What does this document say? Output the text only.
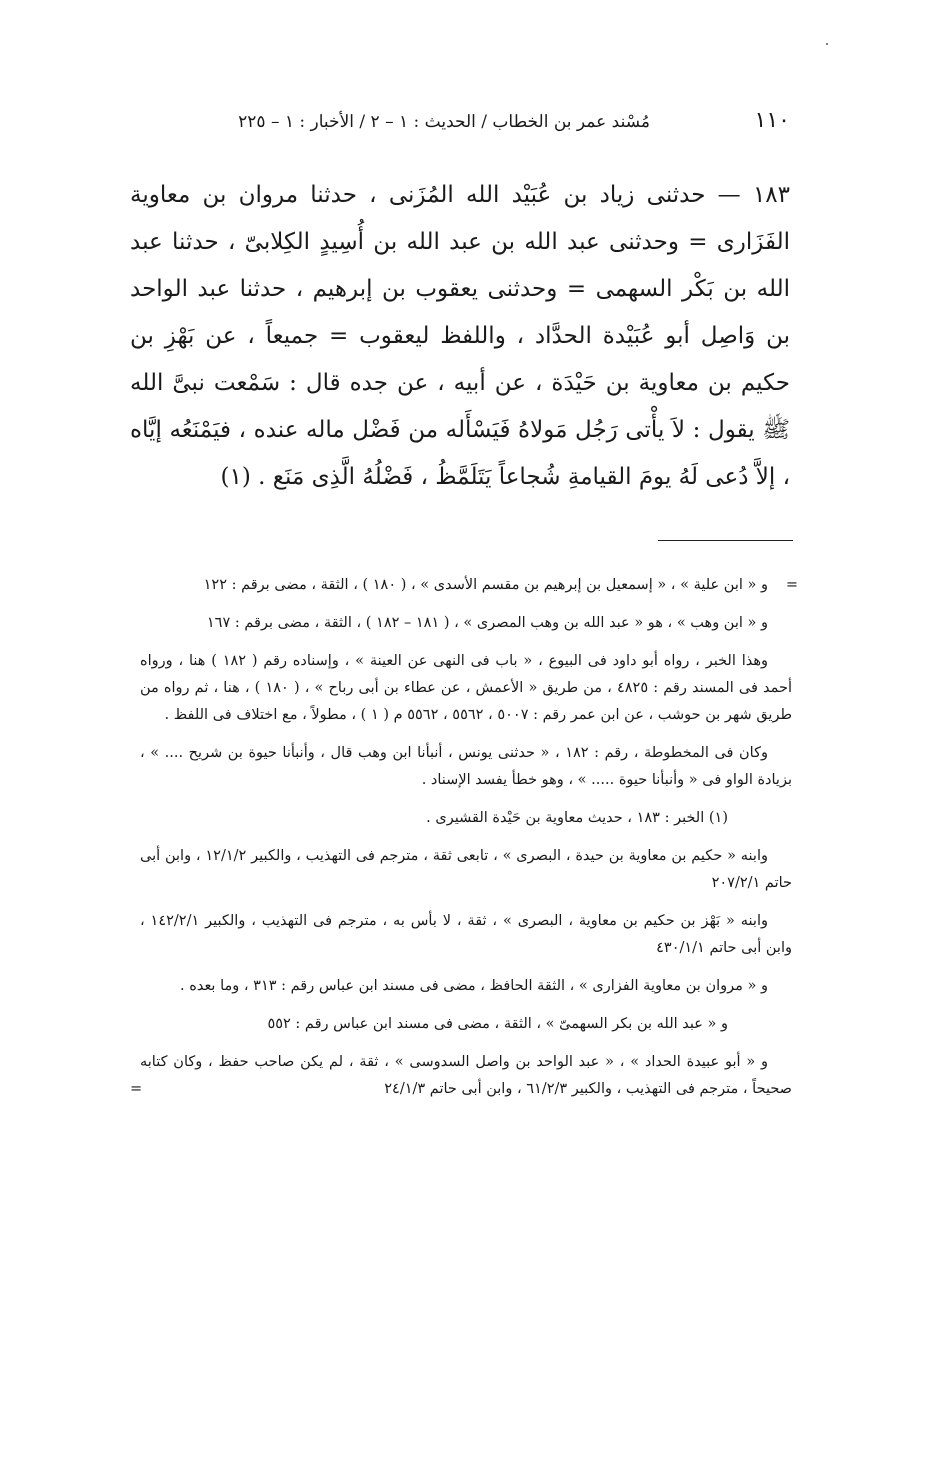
١١٠
مُسْند عمر بن الخطاب / الحديث : ١ – ٢ / الأخبار : ١ – ٢٢٥

١٨٣ — حدثنى زياد بن عُبَيْد الله المُزَنى ، حدثنا مروان بن معاوية الفَزَارى = وحدثنى عبد الله بن عبد الله بن أُسِيدٍ الكِلابىّ ، حدثنا عبد الله بن بَكْر السهمى = وحدثنى يعقوب بن إبرهيم ، حدثنا عبد الواحد بن وَاصِل أبو عُبَيْدة الحدَّاد ، واللفظ ليعقوب = جميعاً ، عن بَهْزِ بن حكيم بن معاوية بن حَيْدَة ، عن أبيه ، عن جده قال : سَمْعت نبىَّ الله ﷺ يقول : لاَ يأْتى رَجُل مَولاهُ فَيَسْأَله من فَضْل ماله عنده ، فيَمْنَعُه إيَّاه ، إلاَّ دُعى لَهُ يومَ القيامةِ شُجاعاً يَتَلَمَّظُ ، فَضْلُهُ الَّذِى مَنَع . (١)

=
و « ابن علية » ، « إسمعيل بن إبرهيم بن مقسم الأسدى » ، ( ١٨٠ ) ، الثقة ، مضى برقم : ١٢٢

و « ابن وهب » ، هو « عبد الله بن وهب المصرى » ، ( ١٨١ – ١٨٢ ) ، الثقة ، مضى برقم : ١٦٧

وهذا الخبر ، رواه أبو داود فى البيوع ، « باب فى النهى عن العينة » ، وإسناده رقم ( ١٨٢ ) هنا ، ورواه أحمد فى المسند رقم : ٤٨٢٥ ، من طريق « الأعمش ، عن عطاء بن أبى رباح » ، ( ١٨٠ ) ، هنا ، ثم رواه من طريق شهر بن حوشب ، عن ابن عمر رقم : ٥٠٠٧ ، ٥٥٦٢ ، ٥٥٦٢ م ( ١ ) ، مطولاً ، مع اختلاف فى اللفظ .

وكان فى المخطوطة ، رقم : ١٨٢ ، « حدثنى يونس ، أنبأنا ابن وهب قال ، وأنبأنا حيوة بن شريح .... » ، بزيادة الواو فى « وأنبأنا حيوة ..... » ، وهو خطأ يفسد الإسناد .

(١) الخبر : ١٨٣ ، حديث معاوية بن حَيْدة القشيرى .

وابنه « حكيم بن معاوية بن حيدة ، البصرى » ، تابعى ثقة ، مترجم فى التهذيب ، والكبير ١٢/١/٢ ، وابن أبى حاتم ٢٠٧/٢/١

وابنه « بَهْز بن حكيم بن معاوية ، البصرى » ، ثقة ، لا بأس به ، مترجم فى التهذيب ، والكبير ١٤٢/٢/١ ، وابن أبى حاتم ٤٣٠/١/١

و « مروان بن معاوية الفزارى » ، الثقة الحافظ ، مضى فى مسند ابن عباس رقم : ٣١٣ ، وما بعده .

و « عبد الله بن بكر السهمىّ » ، الثقة ، مضى فى مسند ابن عباس رقم : ٥٥٢

و « أبو عبيدة الحداد » ، « عبد الواحد بن واصل السدوسى » ، ثقة ، لم يكن صاحب حفظ ، وكان كتابه صحيحاً ، مترجم فى التهذيب ، والكبير ٦١/٢/٣ ، وابن أبى حاتم ٢٤/١/٣
=
